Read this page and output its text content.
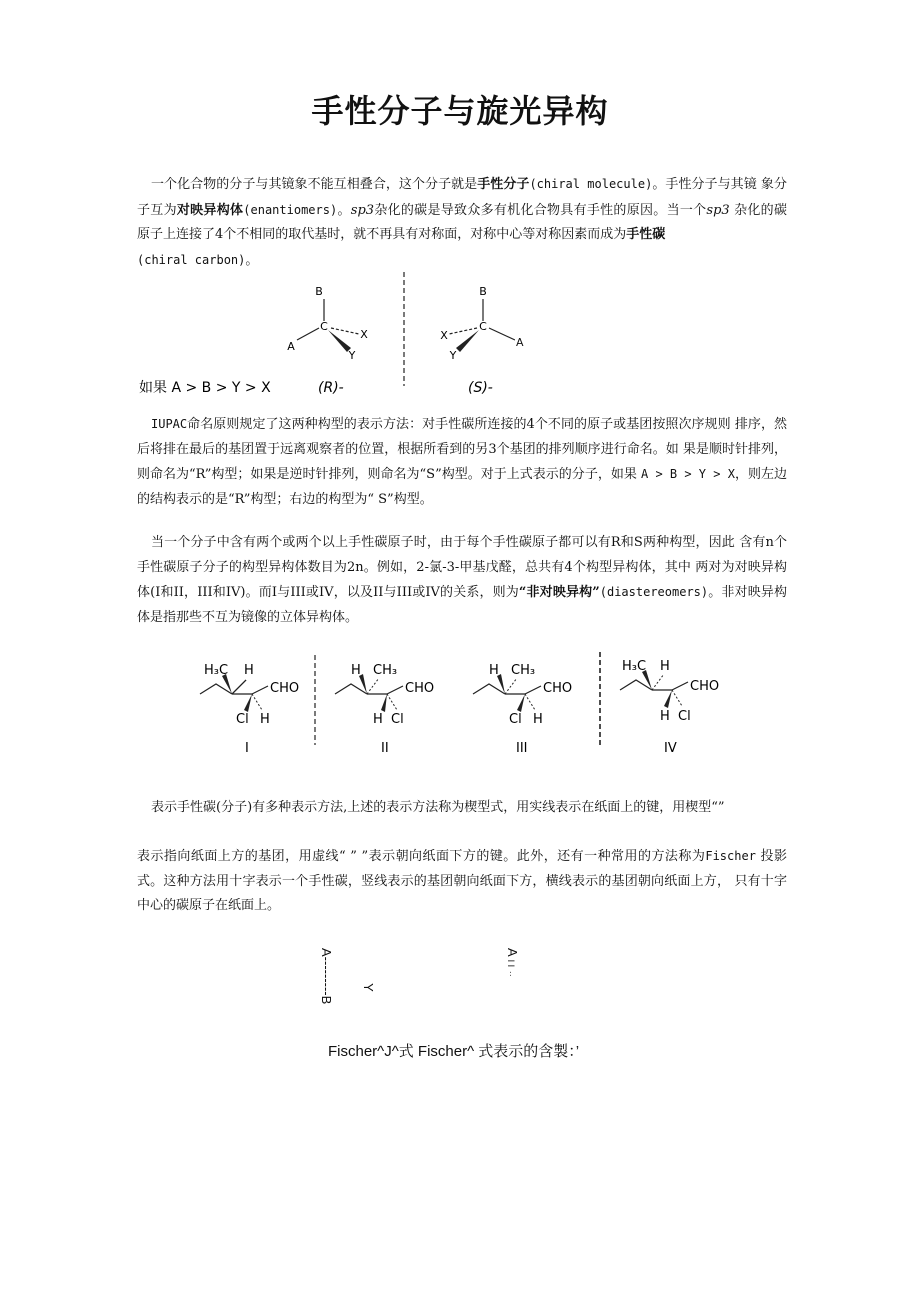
手性分子与旋光异构
一个化合物的分子与其镜象不能互相叠合，这个分子就是手性分子(chiral molecule)。手性分子与其镜 象分子互为对映异构体(enantiomers)。sp3杂化的碳是导致众多有机化合物具有手性的原因。当一个sp3 杂化的碳原子上连接了4个不相同的取代基时，就不再具有对称面，对称中心等对称因素而成为手性碳
(chiral carbon)。
B
C
A
X
Y
B
C
X
Y
如果 A > B > Y > X	(R)-	(S)-
A
IUPAC命名原则规定了这两种构型的表示方法：对手性碳所连接的4个不同的原子或基团按照次序规则 排序，然后将排在最后的基团置于远离观察者的位置，根据所看到的另3个基团的排列顺序进行命名。如 果是顺时针排列，则命名为“R”构型；如果是逆时针排列，则命名为“S”构型。对于上式表示的分子，如果 A > B > Y > X，则左边的结构表示的是“R”构型；右边的构型为“ S”构型。
当一个分子中含有两个或两个以上手性碳原子时，由于每个手性碳原子都可以有R和S两种构型，因此 含有n个手性碳原子分子的构型异构体数目为2n。例如，2-氯-3-甲基戊醛，总共有4个构型异构体，其中 两对为对映异构体(I和II，III和IV)。而I与III或IV，以及II与III或IV的关系，则为“非对映异构”(diastereomers)。非对映异构体是指那些不互为镜像的立体异构体。
H₃C H
CHO
Cl H
I
H CH₃
CHO
H Cl
II
H CH₃
CHO
Cl H
III
H₃C H
CHO
H Cl
IV
表示手性碳(分子)有多种表示方法,上述的表示方法称为楔型式，用实线表示在纸面上的键，用楔型“”
表示指向纸面上方的基团，用虚线“ ” ”表示朝向纸面下方的键。此外，还有一种常用的方法称为Fischer 投影式。这种方法用十字表示一个手性碳，竖线表示的基团朝向纸面下方，横线表示的基团朝向纸面上方， 只有十字中心的碳原子在纸面上。
A---------B
Y
A I I ··
Fischer^J^式 Fischer^ 式表示的含製：’
